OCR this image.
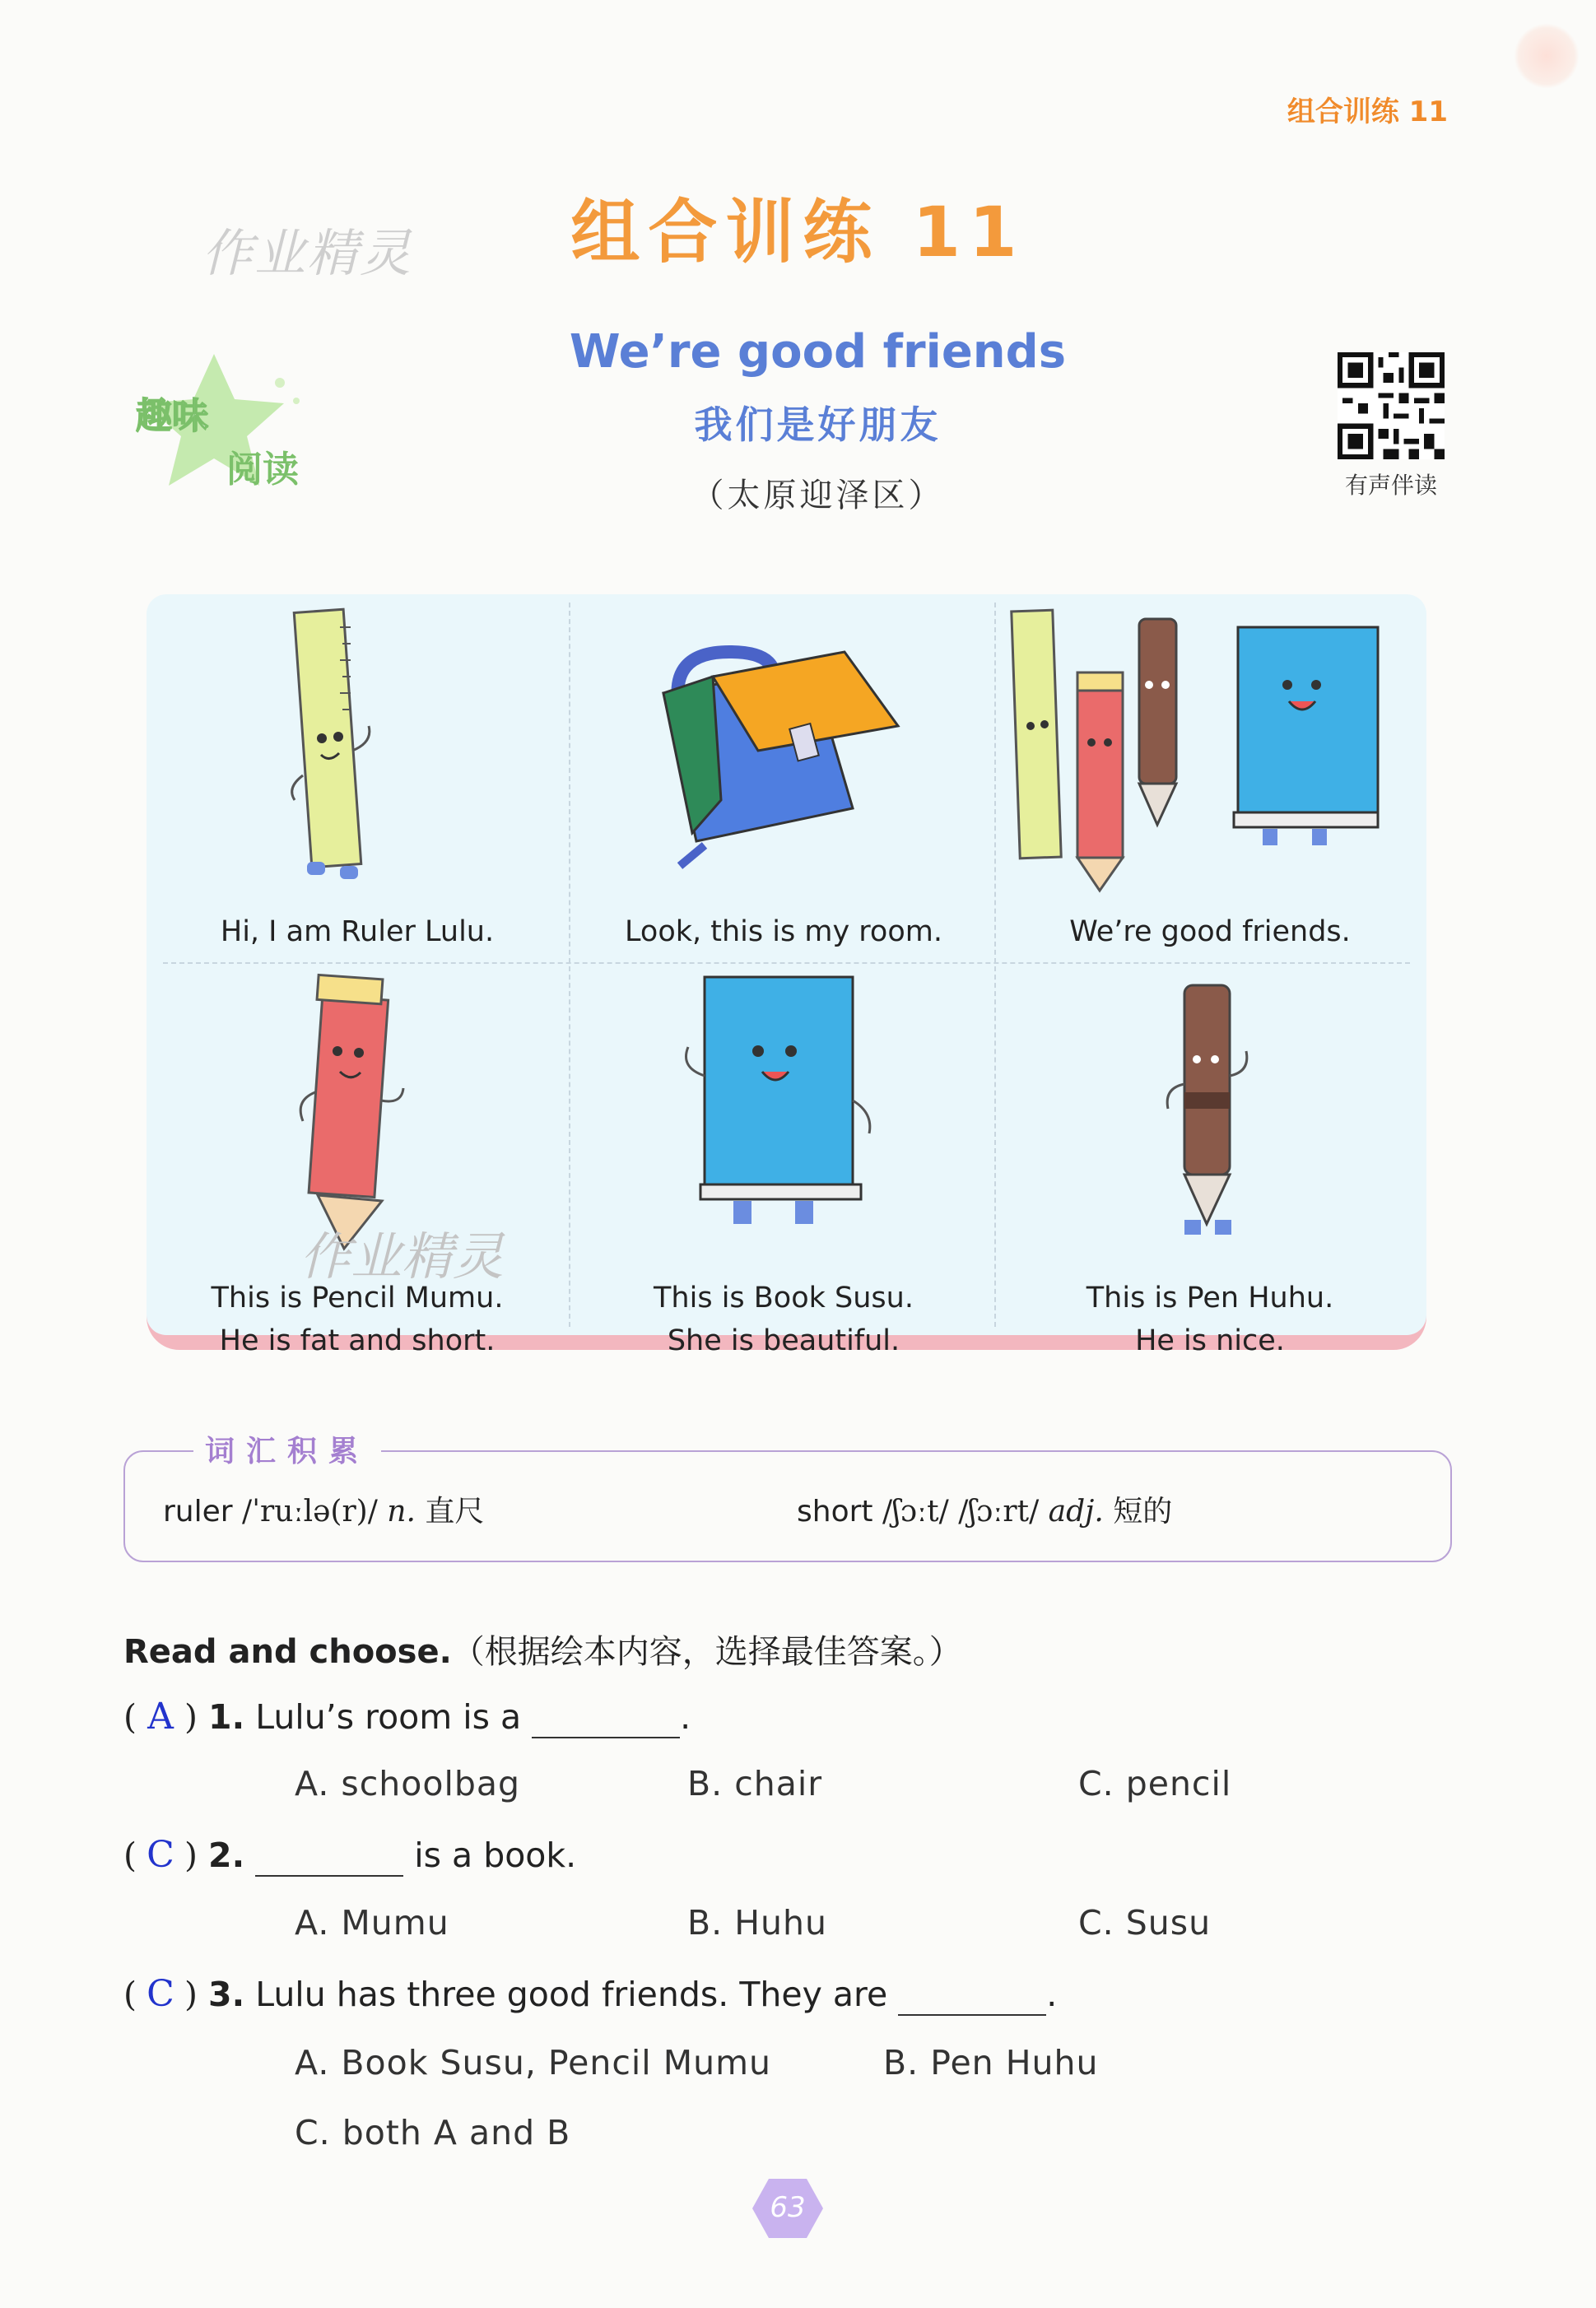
组合训练 11
作业精灵	组合训练 11
We’re good friends
我们是好朋友
（太原迎泽区）
趣味
阅读	有声伴读
Hi, I am Ruler Lulu.	Look, this is my room.	We’re good friends.
作业精灵
This is Pencil Mumu.
He is fat and short.
This is Book Susu.
She is beautiful.
This is Pen Huhu.
He is nice.
词汇积累
ruler /ˈruːlə(r)/ n. 直尺	short /ʃɔːt/ /ʃɔːrt/ adj. 短的
Read and choose.（根据绘本内容，选择最佳答案。）
( A ) 1. Lulu’s room is a	.
A. schoolbag	B. chair	C. pencil
( C ) 2.	is a book.
A. Mumu	B. Huhu	C. Susu
( C ) 3. Lulu has three good friends. They are	.
A. Book Susu, Pencil Mumu	B. Pen Huhu
C. both A and B
63
